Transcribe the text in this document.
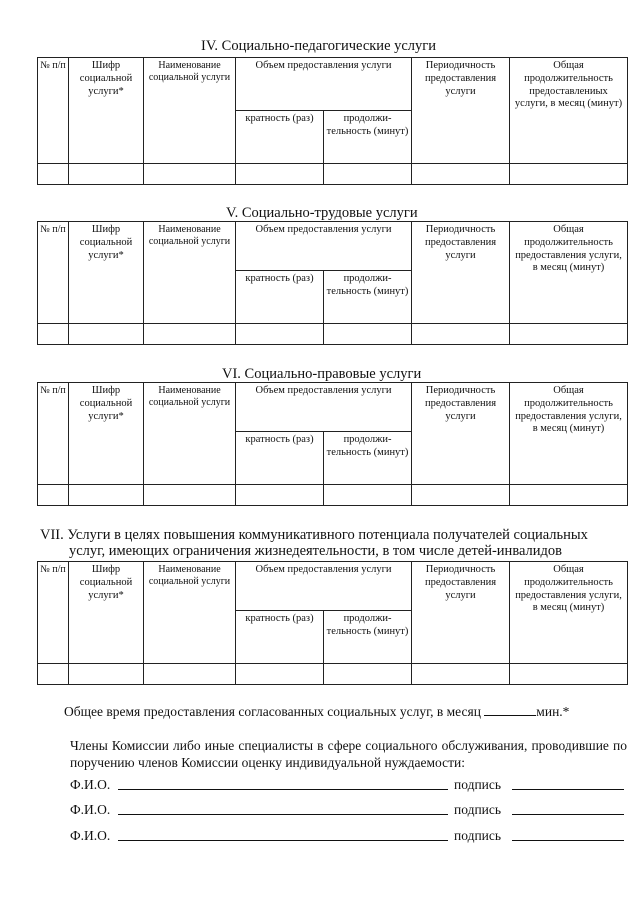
IV. Социально-педагогические услуги
№ п/п	Шифр социальной услуги*	Наименование социальной услуги	Объем предоставления услуги		Периодичность предоставления услуги	Общая продолжительность предоставлениых услуги, в месяц (минут)
			кратность (раз)	продолжи-тельность (минут)		

V. Социально-трудовые услуги
№ п/п	Шифр социальной услуги*	Наименование социальной услуги	Объем предоставления услуги		Периодичность предоставления услуги	Общая продолжительность предоставления услуги, в месяц (минут)
			кратность (раз)	продолжи-тельность (минут)		

VI. Социально-правовые услуги
№ п/п	Шифр социальной услуги*	Наименование социальной услуги	Объем предоставления услуги		Периодичность предоставления услуги	Общая продолжительность предоставления услуги, в месяц (минут)
			кратность (раз)	продолжи-тельность (минут)		

VII. Услуги в целях повышения коммуникативного потенциала получателей социальных
услуг, имеющих ограничения жизнедеятельности, в том числе детей-инвалидов
№ п/п	Шифр социальной услуги*	Наименование социальной услуги	Объем предоставления услуги		Периодичность предоставления услуги	Общая продолжительность предоставления услуги, в месяц (минут)
			кратность (раз)	продолжи-тельность (минут)		

Общее время предоставления согласованных социальных услуг, в месяц	мин.*
Члены Комиссии либо иные специалисты в сфере социального обслуживания, проводившие по поручению членов Комиссии оценку индивидуальной нуждаемости:
Ф.И.О.	подпись
Ф.И.О.	подпись
Ф.И.О.	подпись
